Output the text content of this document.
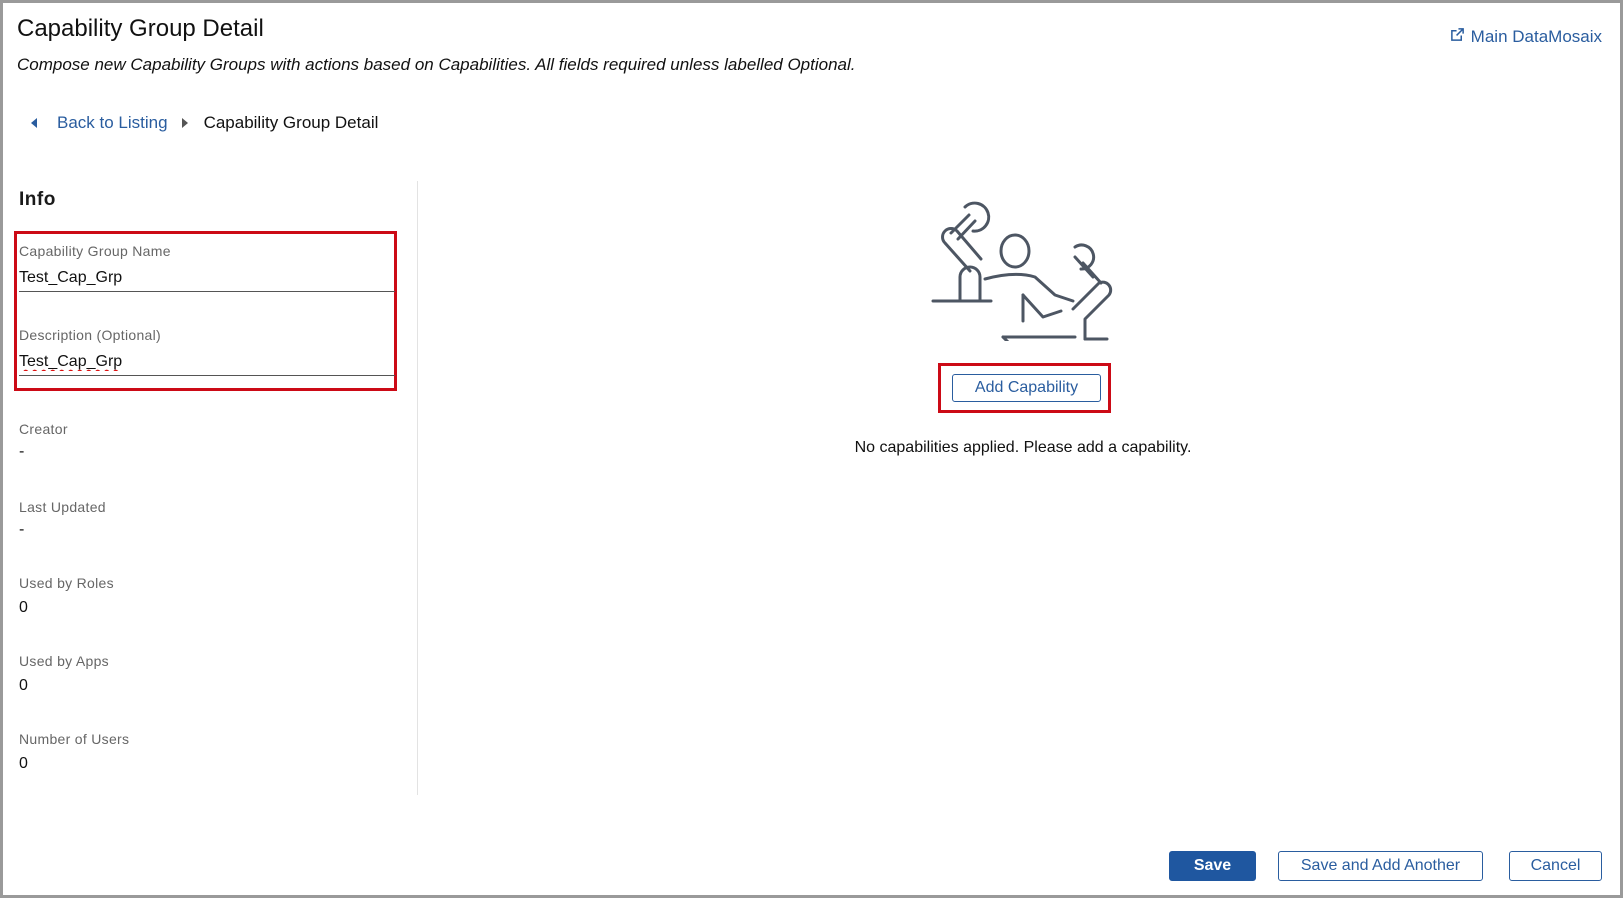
Capability Group Detail
Compose new Capability Groups with actions based on Capabilities. All fields required unless labelled Optional.
Main DataMosaix
Back to Listing Capability Group Detail
Info
Capability Group Name
Test_Cap_Grp
Description (Optional)
Test_Cap_Grp
Creator
-
Last Updated
-
Used by Roles
0
Used by Apps
0
Number of Users
0
Add Capability
No capabilities applied. Please add a capability.
Save	Save and Add Another	Cancel
